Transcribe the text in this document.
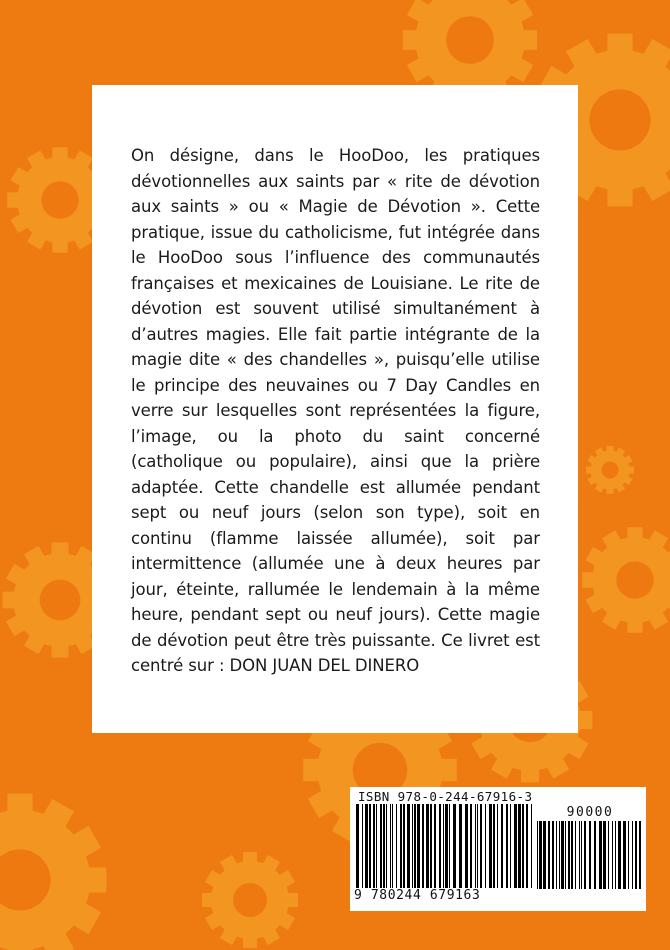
On désigne, dans le HooDoo, les pratiques dévotionnelles aux saints par « rite de dévotion aux saints » ou « Magie de Dévotion ». Cette pratique, issue du catholicisme, fut intégrée dans le HooDoo sous l’influence des communautés françaises et mexicaines de Louisiane. Le rite de dévotion est souvent utilisé simultanément à d’autres magies. Elle fait partie intégrante de la magie dite « des chandelles », puisqu’elle utilise le principe des neuvaines ou 7 Day Candles en verre sur lesquelles sont représentées la figure, l’image, ou la photo du saint concerné (catholique ou populaire), ainsi que la prière adaptée. Cette chandelle est allumée pendant sept ou neuf jours (selon son type), soit en continu (flamme laissée allumée), soit par intermittence (allumée une à deux heures par jour, éteinte, rallumée le lendemain à la même heure, pendant sept ou neuf jours). Cette magie de dévotion peut être très puissante. Ce livret est centré sur : DON JUAN DEL DINERO

ISBN 978-0-244-67916-3
90000
9 780244 679163
